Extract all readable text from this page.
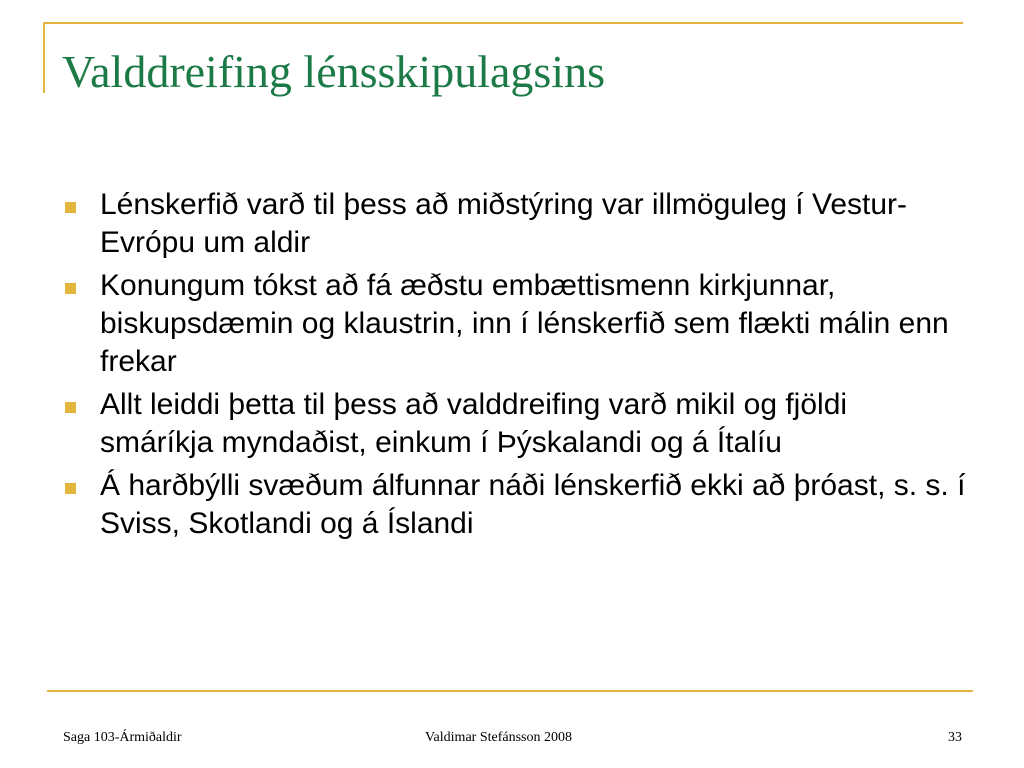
Valddreifing lénsskipulagsins
Lénskerfið varð til þess að miðstýring var illmöguleg í Vestur-Evrópu um aldir
Konungum tókst að fá æðstu embættismenn kirkjunnar, biskupsdæmin og klaustrin, inn í lénskerfið sem flækti málin enn frekar
Allt leiddi þetta til þess að valddreifing varð mikil og fjöldi smáríkja myndaðist, einkum í Þýskalandi og á Ítalíu
Á harðbýlli svæðum álfunnar náði lénskerfið ekki að þróast, s. s. í Sviss, Skotlandi og á Íslandi
Saga 103-Ármiðaldir	Valdimar Stefánsson 2008	33
